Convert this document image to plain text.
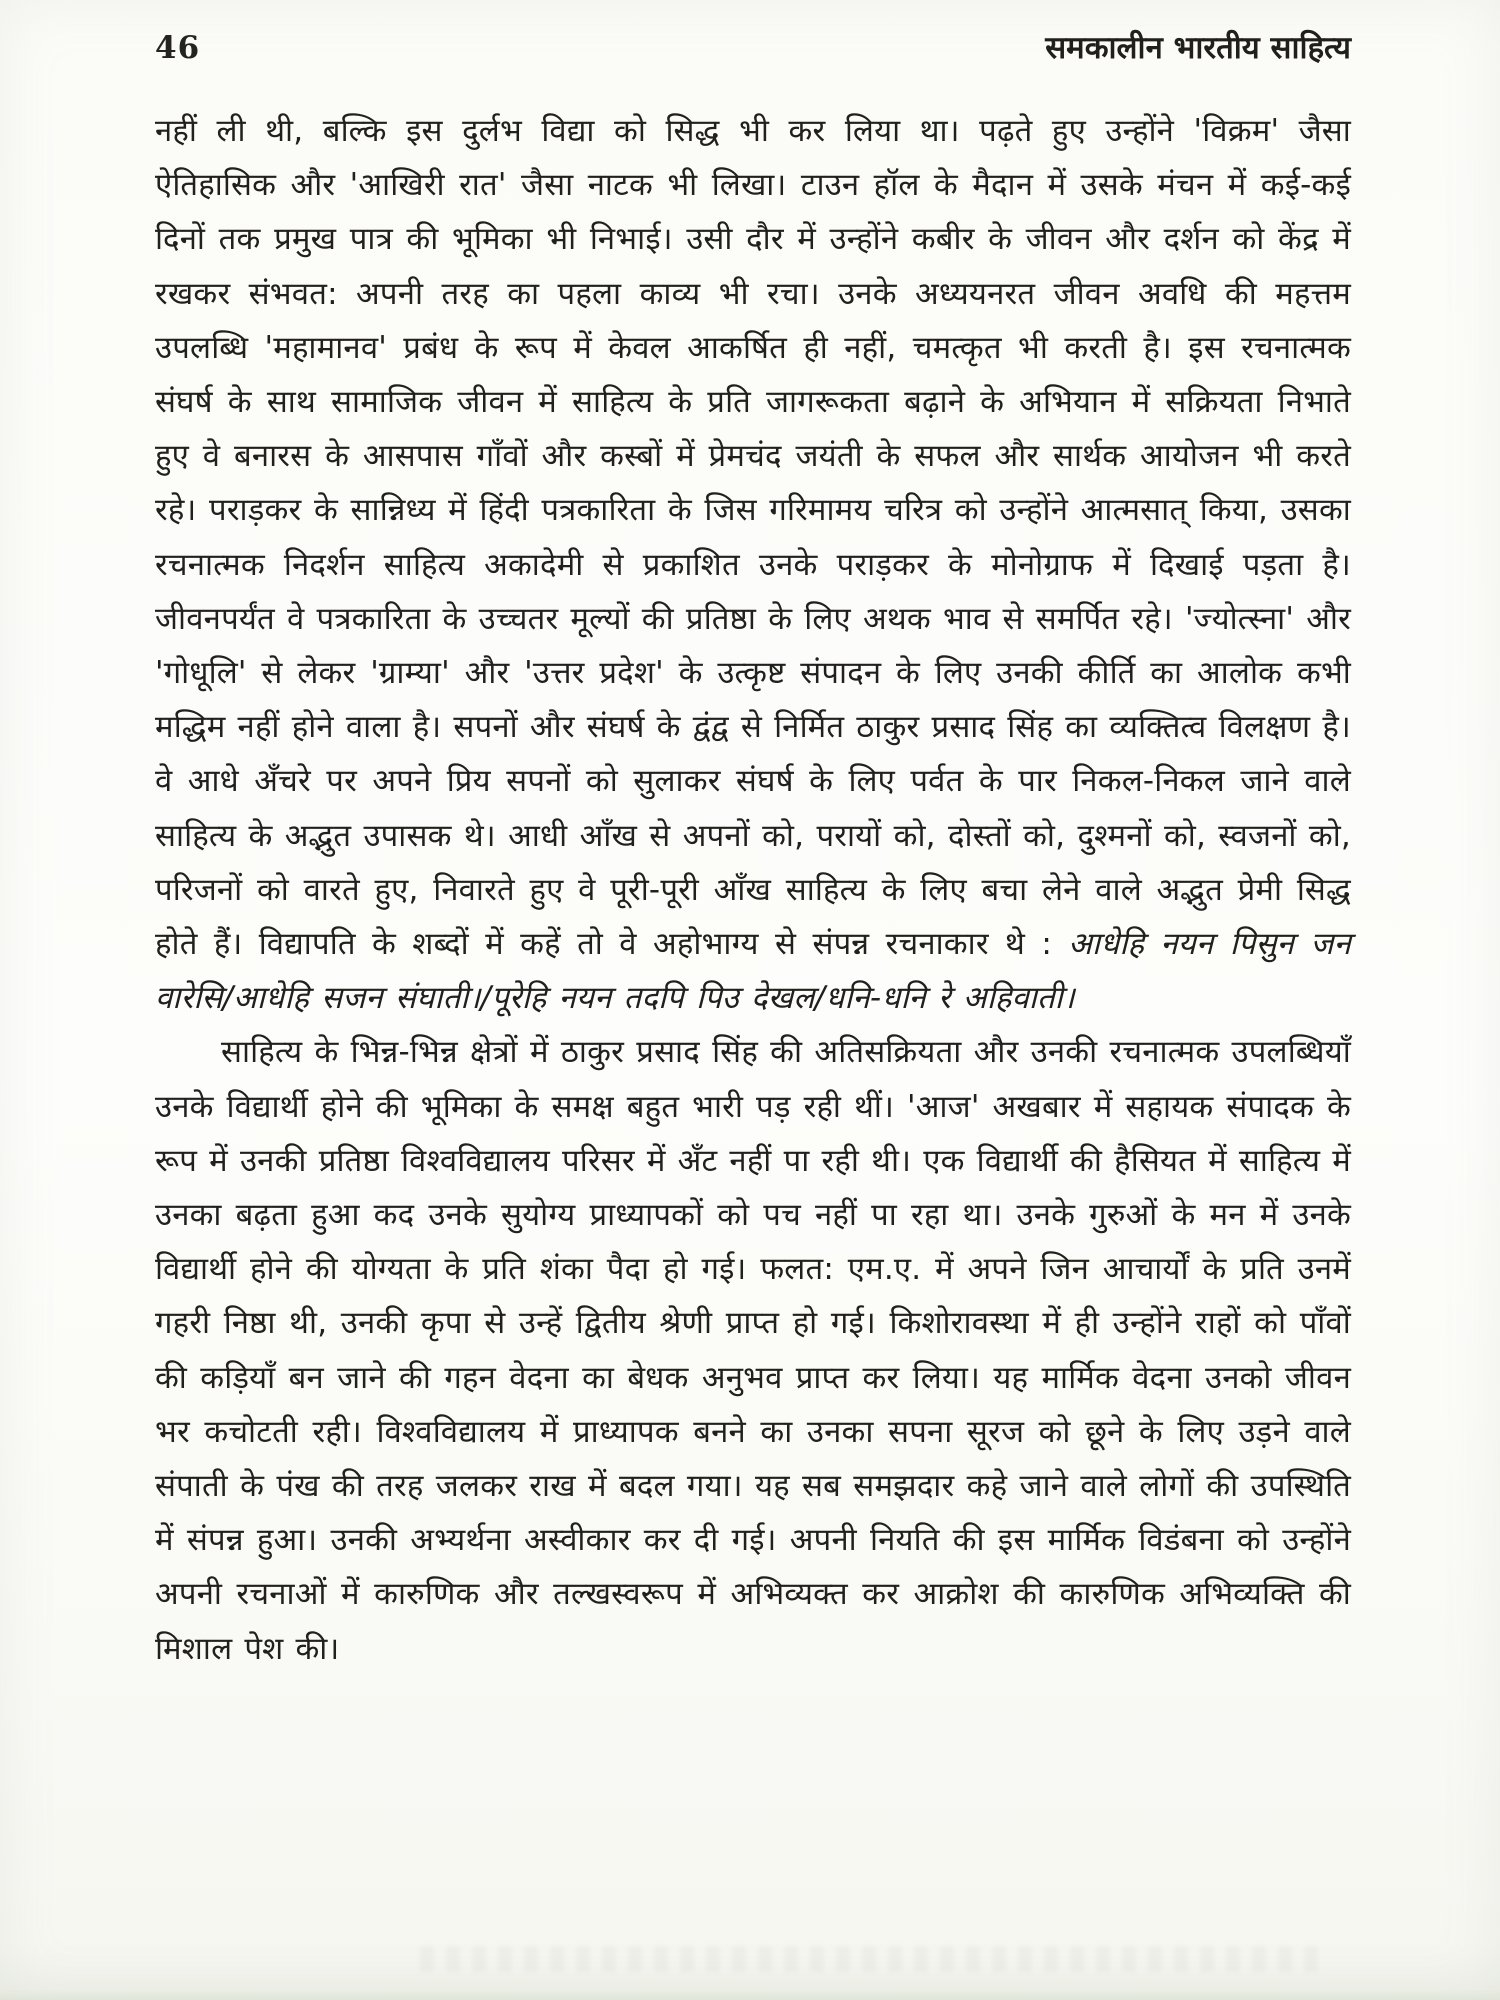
46	समकालीन भारतीय साहित्य

नहीं ली थी, बल्कि इस दुर्लभ विद्या को सिद्ध भी कर लिया था। पढ़ते हुए उन्होंने 'विक्रम' जैसा ऐतिहासिक और 'आखिरी रात' जैसा नाटक भी लिखा। टाउन हॉल के मैदान में उसके मंचन में कई-कई दिनों तक प्रमुख पात्र की भूमिका भी निभाई। उसी दौर में उन्होंने कबीर के जीवन और दर्शन को केंद्र में रखकर संभवत: अपनी तरह का पहला काव्य भी रचा। उनके अध्ययनरत जीवन अवधि की महत्तम उपलब्धि 'महामानव' प्रबंध के रूप में केवल आकर्षित ही नहीं, चमत्कृत भी करती है। इस रचनात्मक संघर्ष के साथ सामाजिक जीवन में साहित्य के प्रति जागरूकता बढ़ाने के अभियान में सक्रियता निभाते हुए वे बनारस के आसपास गाँवों और कस्बों में प्रेमचंद जयंती के सफल और सार्थक आयोजन भी करते रहे। पराड़कर के सान्निध्य में हिंदी पत्रकारिता के जिस गरिमामय चरित्र को उन्होंने आत्मसात् किया, उसका रचनात्मक निदर्शन साहित्य अकादेमी से प्रकाशित उनके पराड़कर के मोनोग्राफ में दिखाई पड़ता है। जीवनपर्यंत वे पत्रकारिता के उच्चतर मूल्यों की प्रतिष्ठा के लिए अथक भाव से समर्पित रहे। 'ज्योत्स्ना' और 'गोधूलि' से लेकर 'ग्राम्या' और 'उत्तर प्रदेश' के उत्कृष्ट संपादन के लिए उनकी कीर्ति का आलोक कभी मद्धिम नहीं होने वाला है। सपनों और संघर्ष के द्वंद्व से निर्मित ठाकुर प्रसाद सिंह का व्यक्तित्व विलक्षण है। वे आधे अँचरे पर अपने प्रिय सपनों को सुलाकर संघर्ष के लिए पर्वत के पार निकल-निकल जाने वाले साहित्य के अद्भुत उपासक थे। आधी आँख से अपनों को, परायों को, दोस्तों को, दुश्मनों को, स्वजनों को, परिजनों को वारते हुए, निवारते हुए वे पूरी-पूरी आँख साहित्य के लिए बचा लेने वाले अद्भुत प्रेमी सिद्ध होते हैं। विद्यापति के शब्दों में कहें तो वे अहोभाग्य से संपन्न रचनाकार थे : आधेहि नयन पिसुन जन वारेसि/आधेहि सजन संघाती।/पूरेहि नयन तदपि पिउ देखल/धनि-धनि रे अहिवाती।

साहित्य के भिन्न-भिन्न क्षेत्रों में ठाकुर प्रसाद सिंह की अतिसक्रियता और उनकी रचनात्मक उपलब्धियाँ उनके विद्यार्थी होने की भूमिका के समक्ष बहुत भारी पड़ रही थीं। 'आज' अखबार में सहायक संपादक के रूप में उनकी प्रतिष्ठा विश्वविद्यालय परिसर में अँट नहीं पा रही थी। एक विद्यार्थी की हैसियत में साहित्य में उनका बढ़ता हुआ कद उनके सुयोग्य प्राध्यापकों को पच नहीं पा रहा था। उनके गुरुओं के मन में उनके विद्यार्थी होने की योग्यता के प्रति शंका पैदा हो गई। फलत: एम.ए. में अपने जिन आचार्यों के प्रति उनमें गहरी निष्ठा थी, उनकी कृपा से उन्हें द्वितीय श्रेणी प्राप्त हो गई। किशोरावस्था में ही उन्होंने राहों को पाँवों की कड़ियाँ बन जाने की गहन वेदना का बेधक अनुभव प्राप्त कर लिया। यह मार्मिक वेदना उनको जीवन भर कचोटती रही। विश्वविद्यालय में प्राध्यापक बनने का उनका सपना सूरज को छूने के लिए उड़ने वाले संपाती के पंख की तरह जलकर राख में बदल गया। यह सब समझदार कहे जाने वाले लोगों की उपस्थिति में संपन्न हुआ। उनकी अभ्यर्थना अस्वीकार कर दी गई। अपनी नियति की इस मार्मिक विडंबना को उन्होंने अपनी रचनाओं में कारुणिक और तल्खस्वरूप में अभिव्यक्त कर आक्रोश की कारुणिक अभिव्यक्ति की मिशाल पेश की।
